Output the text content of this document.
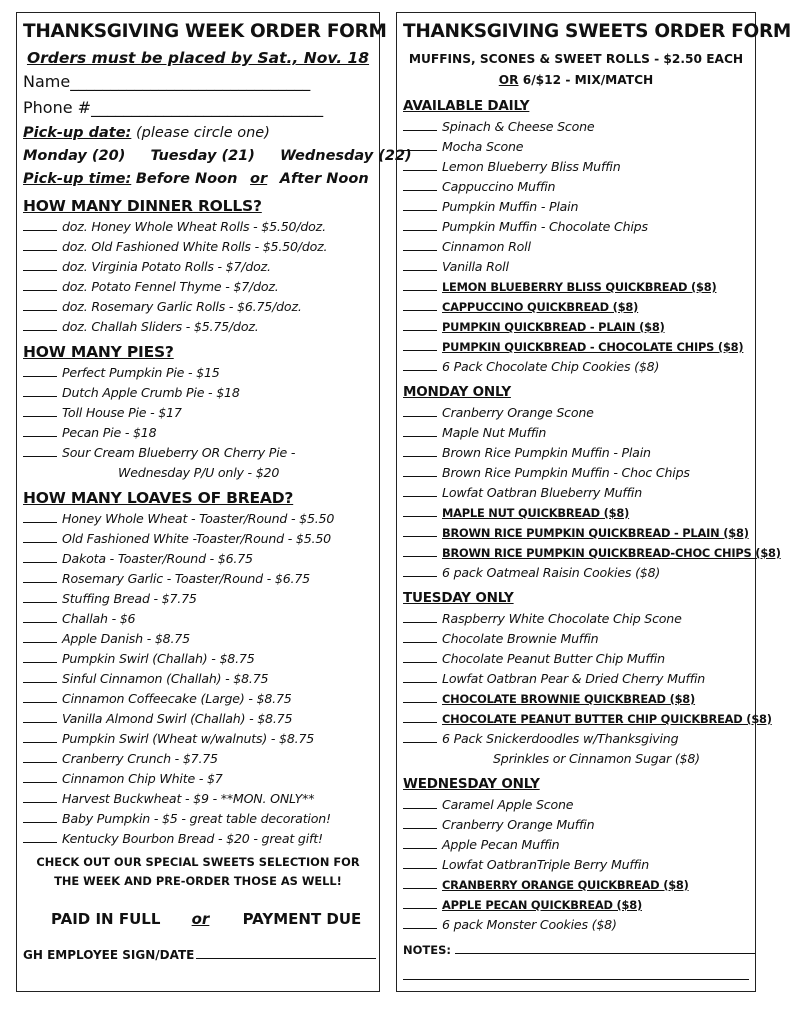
THANKSGIVING WEEK ORDER FORM
Orders must be placed by Sat., Nov. 18
Name______________________________
Phone #_____________________________
Pick-up date: (please circle one)
Monday (20) Tuesday (21) Wednesday (22)
Pick-up time: Before Noon or After Noon
HOW MANY DINNER ROLLS?
doz. Honey Whole Wheat Rolls - $5.50/doz.
doz. Old Fashioned White Rolls - $5.50/doz.
doz. Virginia Potato Rolls - $7/doz.
doz. Potato Fennel Thyme - $7/doz.
doz. Rosemary Garlic Rolls - $6.75/doz.
doz. Challah Sliders - $5.75/doz.
HOW MANY PIES?
Perfect Pumpkin Pie - $15
Dutch Apple Crumb Pie - $18
Toll House Pie - $17
Pecan Pie - $18
Sour Cream Blueberry OR Cherry Pie -
Wednesday P/U only - $20
HOW MANY LOAVES OF BREAD?
Honey Whole Wheat - Toaster/Round - $5.50
Old Fashioned White -Toaster/Round - $5.50
Dakota - Toaster/Round - $6.75
Rosemary Garlic - Toaster/Round - $6.75
Stuffing Bread - $7.75
Challah - $6
Apple Danish - $8.75
Pumpkin Swirl (Challah) - $8.75
Sinful Cinnamon (Challah) - $8.75
Cinnamon Coffeecake (Large) - $8.75
Vanilla Almond Swirl (Challah) - $8.75
Pumpkin Swirl (Wheat w/walnuts) - $8.75
Cranberry Crunch - $7.75
Cinnamon Chip White - $7
Harvest Buckwheat - $9 - **MON. ONLY**
Baby Pumpkin - $5 - great table decoration!
Kentucky Bourbon Bread - $20 - great gift!
CHECK OUT OUR SPECIAL SWEETS SELECTION FOR THE WEEK AND PRE-ORDER THOSE AS WELL!
PAID IN FULL or PAYMENT DUE
GH EMPLOYEE SIGN/DATE
THANKSGIVING SWEETS ORDER FORM
MUFFINS, SCONES & SWEET ROLLS - $2.50 EACH
OR 6/$12 - MIX/MATCH
AVAILABLE DAILY
Spinach & Cheese Scone
Mocha Scone
Lemon Blueberry Bliss Muffin
Cappuccino Muffin
Pumpkin Muffin - Plain
Pumpkin Muffin - Chocolate Chips
Cinnamon Roll
Vanilla Roll
LEMON BLUEBERRY BLISS QUICKBREAD ($8)
CAPPUCCINO QUICKBREAD ($8)
PUMPKIN QUICKBREAD - PLAIN ($8)
PUMPKIN QUICKBREAD - CHOCOLATE CHIPS ($8)
6 Pack Chocolate Chip Cookies ($8)
MONDAY ONLY
Cranberry Orange Scone
Maple Nut Muffin
Brown Rice Pumpkin Muffin - Plain
Brown Rice Pumpkin Muffin - Choc Chips
Lowfat Oatbran Blueberry Muffin
MAPLE NUT QUICKBREAD ($8)
BROWN RICE PUMPKIN QUICKBREAD - PLAIN ($8)
BROWN RICE PUMPKIN QUICKBREAD-CHOC CHIPS ($8)
6 pack Oatmeal Raisin Cookies ($8)
TUESDAY ONLY
Raspberry White Chocolate Chip Scone
Chocolate Brownie Muffin
Chocolate Peanut Butter Chip Muffin
Lowfat Oatbran Pear & Dried Cherry Muffin
CHOCOLATE BROWNIE QUICKBREAD ($8)
CHOCOLATE PEANUT BUTTER CHIP QUICKBREAD ($8)
6 Pack Snickerdoodles w/Thanksgiving
Sprinkles or Cinnamon Sugar ($8)
WEDNESDAY ONLY
Caramel Apple Scone
Cranberry Orange Muffin
Apple Pecan Muffin
Lowfat OatbranTriple Berry Muffin
CRANBERRY ORANGE QUICKBREAD ($8)
APPLE PECAN QUICKBREAD ($8)
6 pack Monster Cookies ($8)
NOTES:
